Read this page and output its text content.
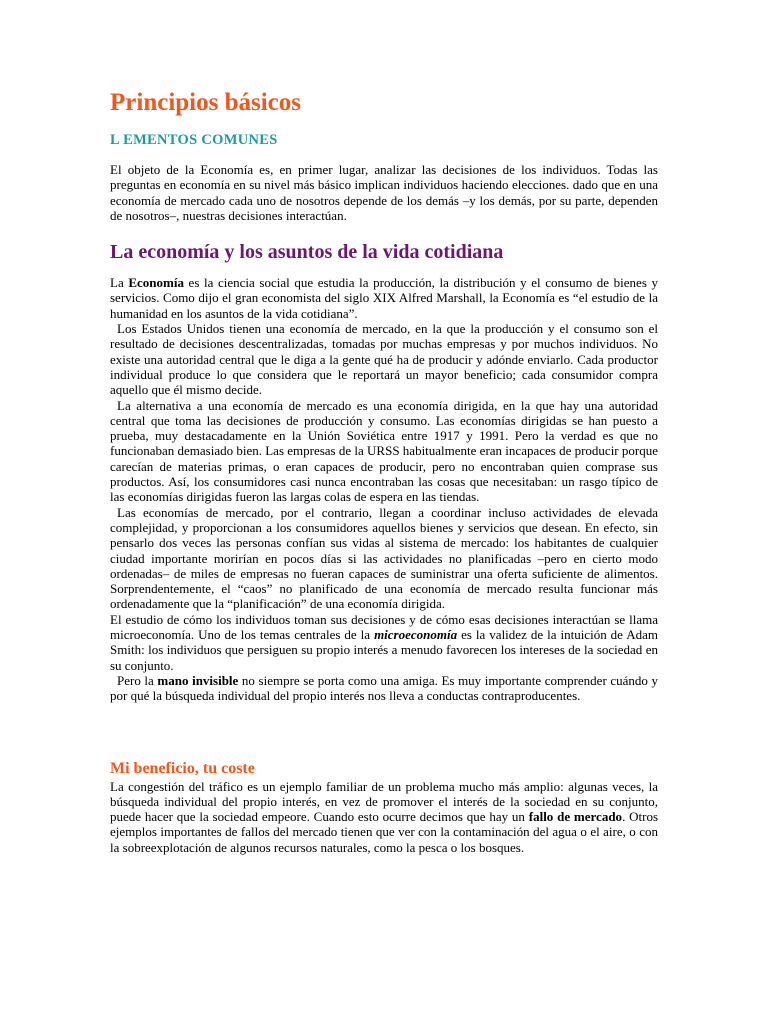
Principios básicos
L EMENTOS COMUNES

El objeto de la Economía es, en primer lugar, analizar las decisiones de los individuos. Todas las preguntas en economía en su nivel más básico implican individuos haciendo elecciones. dado que en una economía de mercado cada uno de nosotros depende de los demás –y los demás, por su parte, dependen de nosotros–, nuestras decisiones interactúan.

La economía y los asuntos de la vida cotidiana

La Economía es la ciencia social que estudia la producción, la distribución y el consumo de bienes y servicios. Como dijo el gran economista del siglo XIX Alfred Marshall, la Economía es “el estudio de la humanidad en los asuntos de la vida cotidiana”.

Los Estados Unidos tienen una economía de mercado, en la que la producción y el consumo son el resultado de decisiones descentralizadas, tomadas por muchas empresas y por muchos individuos. No existe una autoridad central que le diga a la gente qué ha de producir y adónde enviarlo. Cada productor individual produce lo que considera que le reportará un mayor beneficio; cada consumidor compra aquello que él mismo decide.

La alternativa a una economía de mercado es una economía dirigida, en la que hay una autoridad central que toma las decisiones de producción y consumo. Las economías dirigidas se han puesto a prueba, muy destacadamente en la Unión Soviética entre 1917 y 1991. Pero la verdad es que no funcionaban demasiado bien. Las empresas de la URSS habitualmente eran incapaces de producir porque carecían de materias primas, o eran capaces de producir, pero no encontraban quien comprase sus productos. Así, los consumidores casi nunca encontraban las cosas que necesitaban: un rasgo típico de las economías dirigidas fueron las largas colas de espera en las tiendas.

Las economías de mercado, por el contrario, llegan a coordinar incluso actividades de elevada complejidad, y proporcionan a los consumidores aquellos bienes y servicios que desean. En efecto, sin pensarlo dos veces las personas confían sus vidas al sistema de mercado: los habitantes de cualquier ciudad importante morirían en pocos días si las actividades no planificadas –pero en cierto modo ordenadas– de miles de empresas no fueran capaces de suministrar una oferta suficiente de alimentos. Sorprendentemente, el “caos” no planificado de una economía de mercado resulta funcionar más ordenadamente que la “planificación” de una economía dirigida.

El estudio de cómo los individuos toman sus decisiones y de cómo esas decisiones interactúan se llama microeconomía. Uno de los temas centrales de la microeconomía es la validez de la intuición de Adam Smith: los individuos que persiguen su propio interés a menudo favorecen los intereses de la sociedad en su conjunto.

Pero la mano invisible no siempre se porta como una amiga. Es muy importante comprender cuándo y por qué la búsqueda individual del propio interés nos lleva a conductas contraproducentes.

Mi beneficio, tu coste

La congestión del tráfico es un ejemplo familiar de un problema mucho más amplio: algunas veces, la búsqueda individual del propio interés, en vez de promover el interés de la sociedad en su conjunto, puede hacer que la sociedad empeore. Cuando esto ocurre decimos que hay un fallo de mercado. Otros ejemplos importantes de fallos del mercado tienen que ver con la contaminación del agua o el aire, o con la sobreexplotación de algunos recursos naturales, como la pesca o los bosques.
